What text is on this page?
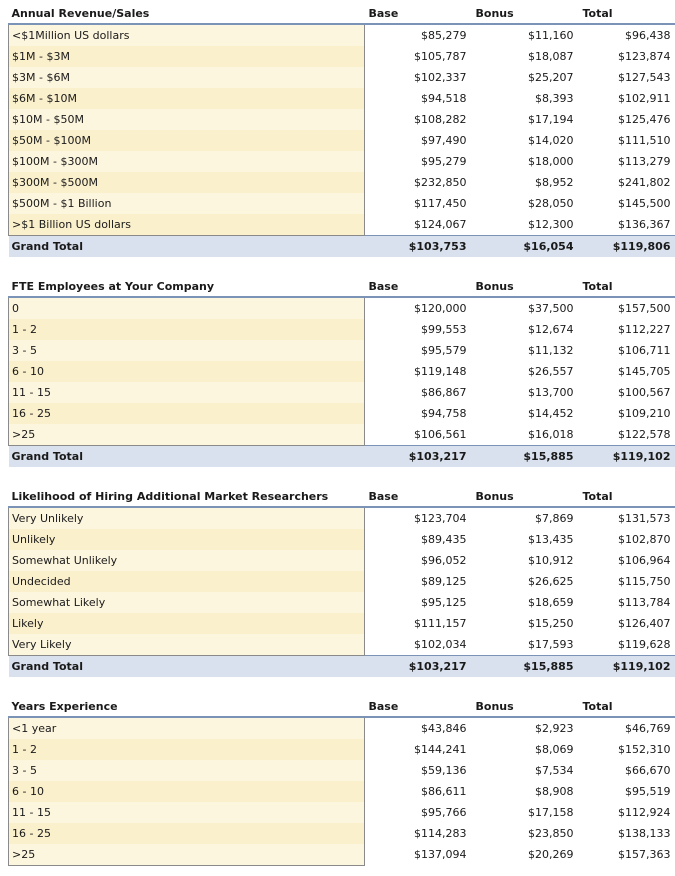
Annual Revenue/Sales	Base	Bonus	Total
<$1Million US dollars	$85,279	$11,160	$96,438
$1M - $3M	$105,787	$18,087	$123,874
$3M - $6M	$102,337	$25,207	$127,543
$6M - $10M	$94,518	$8,393	$102,911
$10M - $50M	$108,282	$17,194	$125,476
$50M - $100M	$97,490	$14,020	$111,510
$100M - $300M	$95,279	$18,000	$113,279
$300M - $500M	$232,850	$8,952	$241,802
$500M - $1 Billion	$117,450	$28,050	$145,500
>$1 Billion US dollars	$124,067	$12,300	$136,367
Grand Total	$103,753	$16,054	$119,806
FTE Employees at Your Company	Base	Bonus	Total
0	$120,000	$37,500	$157,500
1 - 2	$99,553	$12,674	$112,227
3 - 5	$95,579	$11,132	$106,711
6 - 10	$119,148	$26,557	$145,705
11 - 15	$86,867	$13,700	$100,567
16 - 25	$94,758	$14,452	$109,210
>25	$106,561	$16,018	$122,578
Grand Total	$103,217	$15,885	$119,102
Likelihood of Hiring Additional Market Researchers	Base	Bonus	Total
Very Unlikely	$123,704	$7,869	$131,573
Unlikely	$89,435	$13,435	$102,870
Somewhat Unlikely	$96,052	$10,912	$106,964
Undecided	$89,125	$26,625	$115,750
Somewhat Likely	$95,125	$18,659	$113,784
Likely	$111,157	$15,250	$126,407
Very Likely	$102,034	$17,593	$119,628
Grand Total	$103,217	$15,885	$119,102
Years Experience	Base	Bonus	Total
<1 year	$43,846	$2,923	$46,769
1 - 2	$144,241	$8,069	$152,310
3 - 5	$59,136	$7,534	$66,670
6 - 10	$86,611	$8,908	$95,519
11 - 15	$95,766	$17,158	$112,924
16 - 25	$114,283	$23,850	$138,133
>25	$137,094	$20,269	$157,363
